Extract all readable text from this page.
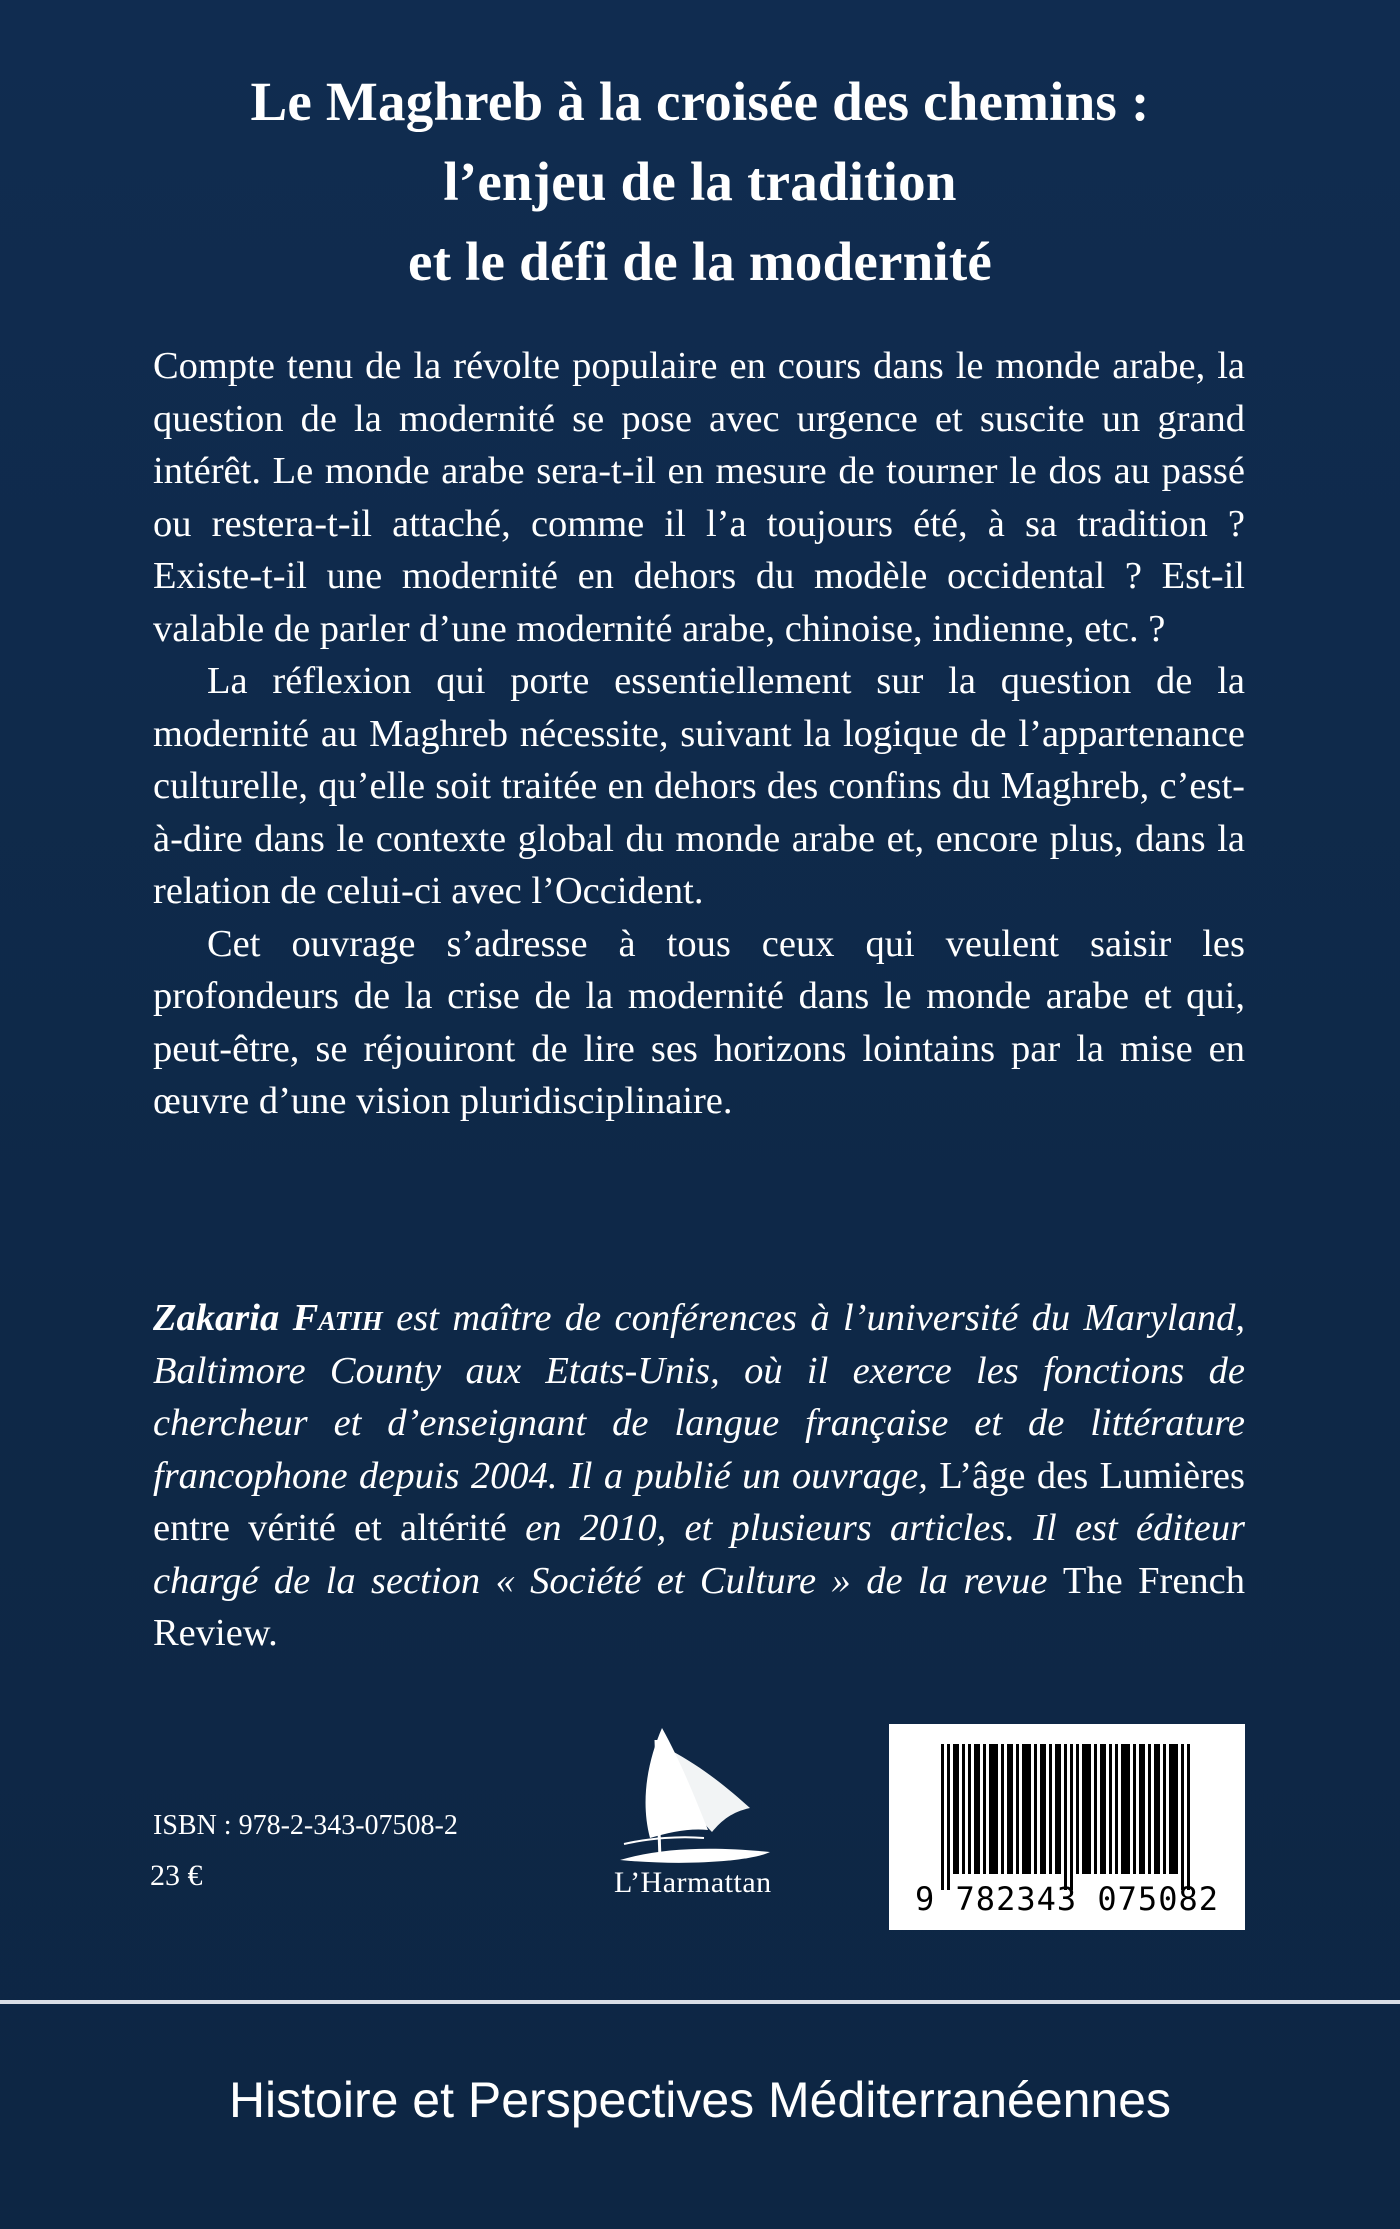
Le Maghreb à la croisée des chemins :
l’enjeu de la tradition
et le défi de la modernité

Compte tenu de la révolte populaire en cours dans le monde arabe, la question de la modernité se pose avec urgence et suscite un grand intérêt. Le monde arabe sera-t-il en mesure de tourner le dos au passé ou restera-t-il attaché, comme il l’a toujours été, à sa tradition ? Existe-t-il une modernité en dehors du modèle occidental ? Est-il valable de parler d’une modernité arabe, chinoise, indienne, etc. ?

La réflexion qui porte essentiellement sur la question de la modernité au Maghreb nécessite, suivant la logique de l’appartenance culturelle, qu’elle soit traitée en dehors des confins du Maghreb, c’est-à-dire dans le contexte global du monde arabe et, encore plus, dans la relation de celui-ci avec l’Occident.

Cet ouvrage s’adresse à tous ceux qui veulent saisir les profondeurs de la crise de la modernité dans le monde arabe et qui, peut-être, se réjouiront de lire ses horizons lointains par la mise en œuvre d’une vision pluridisciplinaire.

Zakaria Fatih est maître de conférences à l’université du Maryland, Baltimore County aux Etats-Unis, où il exerce les fonctions de chercheur et d’enseignant de langue française et de littérature francophone depuis 2004. Il a publié un ouvrage, L’âge des Lumières entre vérité et altérité en 2010, et plusieurs articles. Il est éditeur chargé de la section « Société et Culture » de la revue The French Review.
ISBN : 978-2-343-07508-2
23 €	L’Harmattan	9 782343 075082
Histoire et Perspectives Méditerranéennes
